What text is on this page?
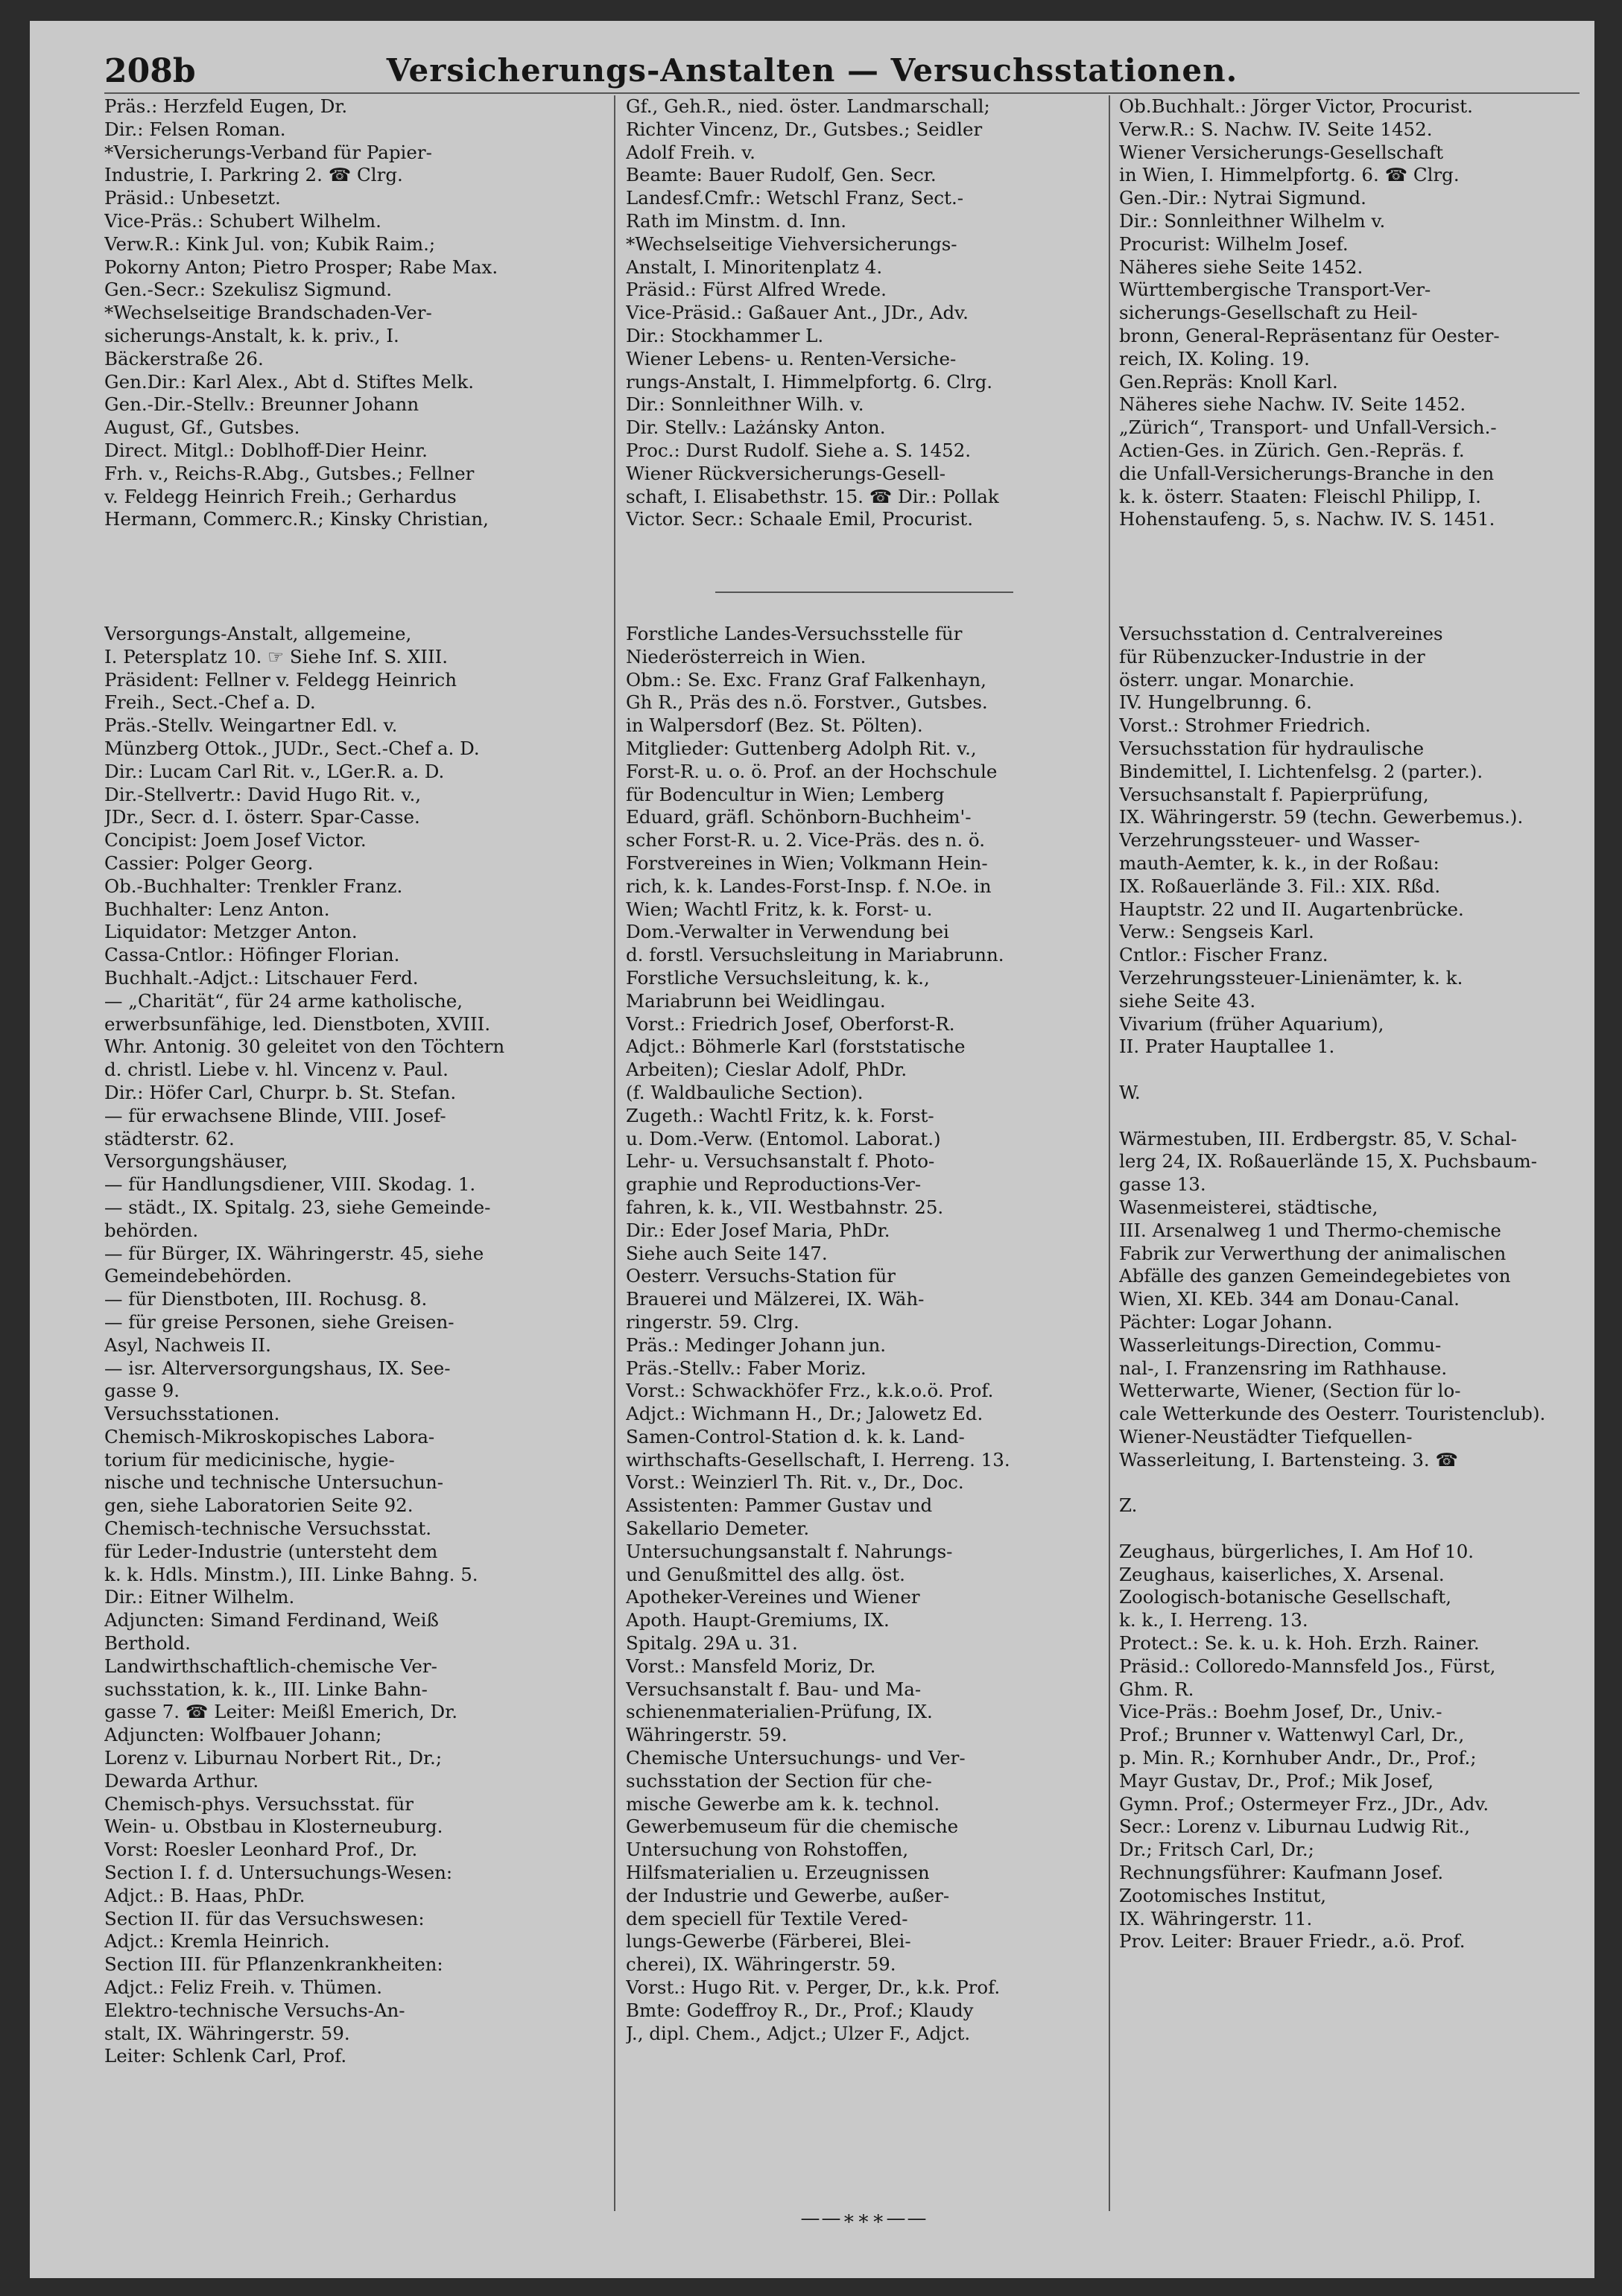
208b	Versicherungs-Anstalten — Versuchsstationen.
Präs.: Herzfeld Eugen, Dr.
Dir.: Felsen Roman.
*Versicherungs-Verband für Papier-
Industrie, I. Parkring 2. ☎ Clrg.
Präsid.: Unbesetzt.
Vice-Präs.: Schubert Wilhelm.
Verw.R.: Kink Jul. von; Kubik Raim.;
Pokorny Anton; Pietro Prosper; Rabe Max.
Gen.-Secr.: Szekulisz Sigmund.
*Wechselseitige Brandschaden-Ver-
sicherungs-Anstalt, k. k. priv., I.
Bäckerstraße 26.
Gen.Dir.: Karl Alex., Abt d. Stiftes Melk.
Gen.-Dir.-Stellv.: Breunner Johann
August, Gf., Gutsbes.
Direct. Mitgl.: Doblhoff-Dier Heinr.
Frh. v., Reichs-R.Abg., Gutsbes.; Fellner
v. Feldegg Heinrich Freih.; Gerhardus
Hermann, Commerc.R.; Kinsky Christian,
Gf., Geh.R., nied. öster. Landmarschall;
Richter Vincenz, Dr., Gutsbes.; Seidler
Adolf Freih. v.
Beamte: Bauer Rudolf, Gen. Secr.
Landesf.Cmfr.: Wetschl Franz, Sect.-
Rath im Minstm. d. Inn.
*Wechselseitige Viehversicherungs-
Anstalt, I. Minoritenplatz 4.
Präsid.: Fürst Alfred Wrede.
Vice-Präsid.: Gaßauer Ant., JDr., Adv.
Dir.: Stockhammer L.
Wiener Lebens- u. Renten-Versiche-
rungs-Anstalt, I. Himmelpfortg. 6. Clrg.
Dir.: Sonnleithner Wilh. v.
Dir. Stellv.: Lażánsky Anton.
Proc.: Durst Rudolf. Siehe a. S. 1452.
Wiener Rückversicherungs-Gesell-
schaft, I. Elisabethstr. 15. ☎ Dir.: Pollak
Victor. Secr.: Schaale Emil, Procurist.
Ob.Buchhalt.: Jörger Victor, Procurist.
Verw.R.: S. Nachw. IV. Seite 1452.
Wiener Versicherungs-Gesellschaft
in Wien, I. Himmelpfortg. 6. ☎ Clrg.
Gen.-Dir.: Nytrai Sigmund.
Dir.: Sonnleithner Wilhelm v.
Procurist: Wilhelm Josef.
Näheres siehe Seite 1452.
Württembergische Transport-Ver-
sicherungs-Gesellschaft zu Heil-
bronn, General-Repräsentanz für Oester-
reich, IX. Koling. 19.
Gen.Repräs: Knoll Karl.
Näheres siehe Nachw. IV. Seite 1452.
„Zürich“, Transport- und Unfall-Versich.-
Actien-Ges. in Zürich. Gen.-Repräs. f.
die Unfall-Versicherungs-Branche in den
k. k. österr. Staaten: Fleischl Philipp, I.
Hohenstaufeng. 5, s. Nachw. IV. S. 1451.
Versorgungs-Anstalt, allgemeine,
I. Petersplatz 10. ☞ Siehe Inf. S. XIII.
Präsident: Fellner v. Feldegg Heinrich
Freih., Sect.-Chef a. D.
Präs.-Stellv. Weingartner Edl. v.
Münzberg Ottok., JUDr., Sect.-Chef a. D.
Dir.: Lucam Carl Rit. v., LGer.R. a. D.
Dir.-Stellvertr.: David Hugo Rit. v.,
JDr., Secr. d. I. österr. Spar-Casse.
Concipist: Joem Josef Victor.
Cassier: Polger Georg.
Ob.-Buchhalter: Trenkler Franz.
Buchhalter: Lenz Anton.
Liquidator: Metzger Anton.
Cassa-Cntlor.: Höfinger Florian.
Buchhalt.-Adjct.: Litschauer Ferd.
— „Charität“, für 24 arme katholische,
erwerbsunfähige, led. Dienstboten, XVIII.
Whr. Antonig. 30 geleitet von den Töchtern
d. christl. Liebe v. hl. Vincenz v. Paul.
Dir.: Höfer Carl, Churpr. b. St. Stefan.
— für erwachsene Blinde, VIII. Josef-
städterstr. 62.
Versorgungshäuser,
— für Handlungsdiener, VIII. Skodag. 1.
— städt., IX. Spitalg. 23, siehe Gemeinde-
behörden.
— für Bürger, IX. Währingerstr. 45, siehe
Gemeindebehörden.
— für Dienstboten, III. Rochusg. 8.
— für greise Personen, siehe Greisen-
Asyl, Nachweis II.
— isr. Alterversorgungshaus, IX. See-
gasse 9.
Versuchsstationen.
Chemisch-Mikroskopisches Labora-
torium für medicinische, hygie-
nische und technische Untersuchun-
gen, siehe Laboratorien Seite 92.
Chemisch-technische Versuchsstat.
für Leder-Industrie (untersteht dem
k. k. Hdls. Minstm.), III. Linke Bahng. 5.
Dir.: Eitner Wilhelm.
Adjuncten: Simand Ferdinand, Weiß
Berthold.
Landwirthschaftlich-chemische Ver-
suchsstation, k. k., III. Linke Bahn-
gasse 7. ☎ Leiter: Meißl Emerich, Dr.
Adjuncten: Wolfbauer Johann;
Lorenz v. Liburnau Norbert Rit., Dr.;
Dewarda Arthur.
Chemisch-phys. Versuchsstat. für
Wein- u. Obstbau in Klosterneuburg.
Vorst: Roesler Leonhard Prof., Dr.
Section I. f. d. Untersuchungs-Wesen:
Adjct.: B. Haas, PhDr.
Section II. für das Versuchswesen:
Adjct.: Kremla Heinrich.
Section III. für Pflanzenkrankheiten:
Adjct.: Feliz Freih. v. Thümen.
Elektro-technische Versuchs-An-
stalt, IX. Währingerstr. 59.
Leiter: Schlenk Carl, Prof.
Forstliche Landes-Versuchsstelle für
Niederösterreich in Wien.
Obm.: Se. Exc. Franz Graf Falkenhayn,
Gh R., Präs des n.ö. Forstver., Gutsbes.
in Walpersdorf (Bez. St. Pölten).
Mitglieder: Guttenberg Adolph Rit. v.,
Forst-R. u. o. ö. Prof. an der Hochschule
für Bodencultur in Wien; Lemberg
Eduard, gräfl. Schönborn-Buchheim'-
scher Forst-R. u. 2. Vice-Präs. des n. ö.
Forstvereines in Wien; Volkmann Hein-
rich, k. k. Landes-Forst-Insp. f. N.Oe. in
Wien; Wachtl Fritz, k. k. Forst- u.
Dom.-Verwalter in Verwendung bei
d. forstl. Versuchsleitung in Mariabrunn.
Forstliche Versuchsleitung, k. k.,
Mariabrunn bei Weidlingau.
Vorst.: Friedrich Josef, Oberforst-R.
Adjct.: Böhmerle Karl (forststatische
Arbeiten); Cieslar Adolf, PhDr.
(f. Waldbauliche Section).
Zugeth.: Wachtl Fritz, k. k. Forst-
u. Dom.-Verw. (Entomol. Laborat.)
Lehr- u. Versuchsanstalt f. Photo-
graphie und Reproductions-Ver-
fahren, k. k., VII. Westbahnstr. 25.
Dir.: Eder Josef Maria, PhDr.
Siehe auch Seite 147.
Oesterr. Versuchs-Station für
Brauerei und Mälzerei, IX. Wäh-
ringerstr. 59. Clrg.
Präs.: Medinger Johann jun.
Präs.-Stellv.: Faber Moriz.
Vorst.: Schwackhöfer Frz., k.k.o.ö. Prof.
Adjct.: Wichmann H., Dr.; Jalowetz Ed.
Samen-Control-Station d. k. k. Land-
wirthschafts-Gesellschaft, I. Herreng. 13.
Vorst.: Weinzierl Th. Rit. v., Dr., Doc.
Assistenten: Pammer Gustav und
Sakellario Demeter.
Untersuchungsanstalt f. Nahrungs-
und Genußmittel des allg. öst.
Apotheker-Vereines und Wiener
Apoth. Haupt-Gremiums, IX.
Spitalg. 29A u. 31.
Vorst.: Mansfeld Moriz, Dr.
Versuchsanstalt f. Bau- und Ma-
schienenmaterialien-Prüfung, IX.
Währingerstr. 59.
Chemische Untersuchungs- und Ver-
suchsstation der Section für che-
mische Gewerbe am k. k. technol.
Gewerbemuseum für die chemische
Untersuchung von Rohstoffen,
Hilfsmaterialien u. Erzeugnissen
der Industrie und Gewerbe, außer-
dem speciell für Textile Vered-
lungs-Gewerbe (Färberei, Blei-
cherei), IX. Währingerstr. 59.
Vorst.: Hugo Rit. v. Perger, Dr., k.k. Prof.
Bmte: Godeffroy R., Dr., Prof.; Klaudy
J., dipl. Chem., Adjct.; Ulzer F., Adjct.
Versuchsstation d. Centralvereines
für Rübenzucker-Industrie in der
österr. ungar. Monarchie.
IV. Hungelbrunng. 6.
Vorst.: Strohmer Friedrich.
Versuchsstation für hydraulische
Bindemittel, I. Lichtenfelsg. 2 (parter.).
Versuchsanstalt f. Papierprüfung,
IX. Währingerstr. 59 (techn. Gewerbemus.).
Verzehrungssteuer- und Wasser-
mauth-Aemter, k. k., in der Roßau:
IX. Roßauerlände 3. Fil.: XIX. Rßd.
Hauptstr. 22 und II. Augartenbrücke.
Verw.: Sengseis Karl.
Cntlor.: Fischer Franz.
Verzehrungssteuer-Linienämter, k. k.
siehe Seite 43.
Vivarium (früher Aquarium),
II. Prater Hauptallee 1.
W.
Wärmestuben, III. Erdbergstr. 85, V. Schal-
lerg 24, IX. Roßauerlände 15, X. Puchsbaum-
gasse 13.
Wasenmeisterei, städtische,
III. Arsenalweg 1 und Thermo-chemische
Fabrik zur Verwerthung der animalischen
Abfälle des ganzen Gemeindegebietes von
Wien, XI. KEb. 344 am Donau-Canal.
Pächter: Logar Johann.
Wasserleitungs-Direction, Commu-
nal-, I. Franzensring im Rathhause.
Wetterwarte, Wiener, (Section für lo-
cale Wetterkunde des Oesterr. Touristenclub).
Wiener-Neustädter Tiefquellen-
Wasserleitung, I. Bartensteing. 3. ☎
Z.
Zeughaus, bürgerliches, I. Am Hof 10.
Zeughaus, kaiserliches, X. Arsenal.
Zoologisch-botanische Gesellschaft,
k. k., I. Herreng. 13.
Protect.: Se. k. u. k. Hoh. Erzh. Rainer.
Präsid.: Colloredo-Mannsfeld Jos., Fürst,
Ghm. R.
Vice-Präs.: Boehm Josef, Dr., Univ.-
Prof.; Brunner v. Wattenwyl Carl, Dr.,
p. Min. R.; Kornhuber Andr., Dr., Prof.;
Mayr Gustav, Dr., Prof.; Mik Josef,
Gymn. Prof.; Ostermeyer Frz., JDr., Adv.
Secr.: Lorenz v. Liburnau Ludwig Rit.,
Dr.; Fritsch Carl, Dr.;
Rechnungsführer: Kaufmann Josef.
Zootomisches Institut,
IX. Währingerstr. 11.
Prov. Leiter: Brauer Friedr., a.ö. Prof.
——∗∗∗——
